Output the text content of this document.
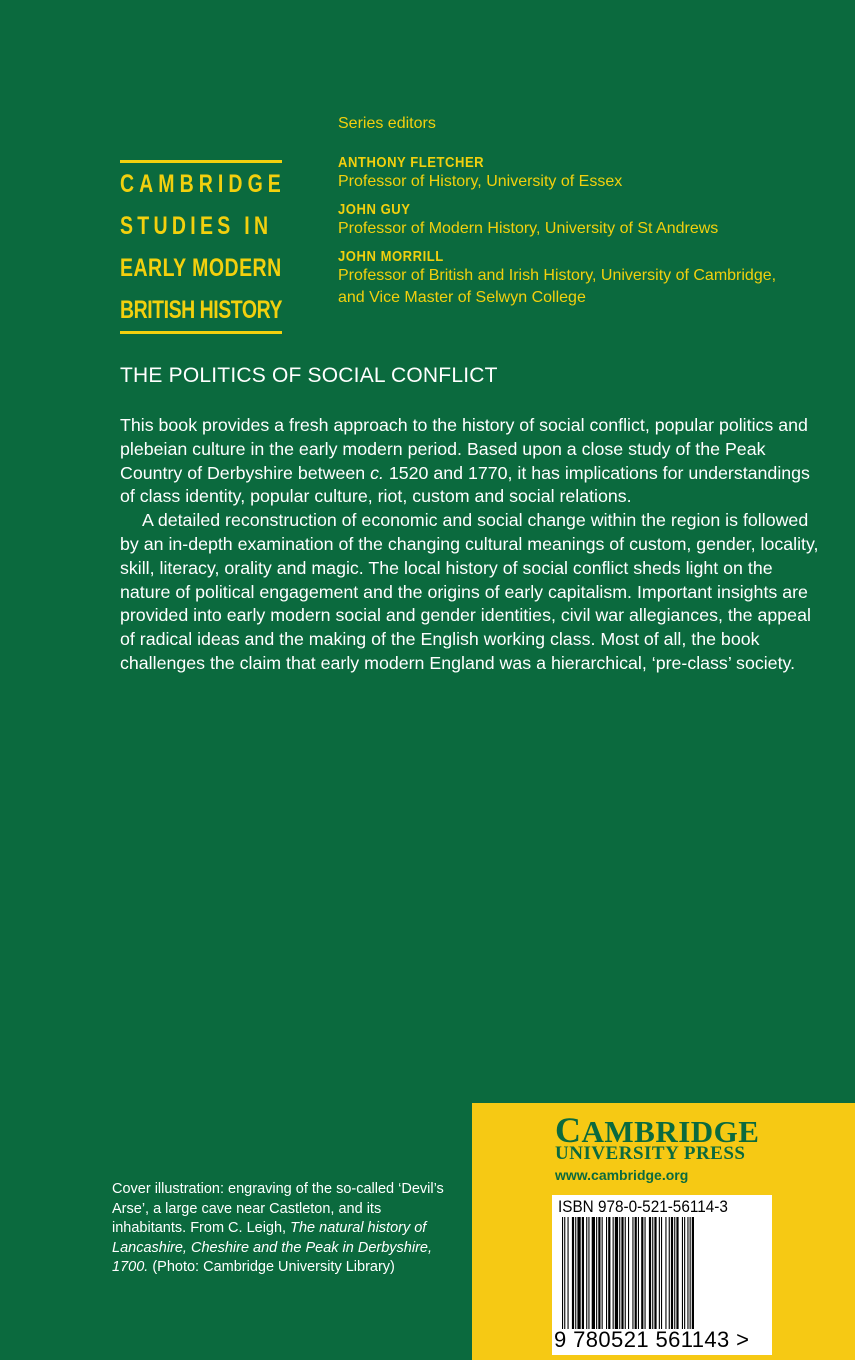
CAMBRIDGE
STUDIES IN
EARLY MODERN
BRITISH HISTORY
Series editors
ANTHONY FLETCHER
Professor of History, University of Essex
JOHN GUY
Professor of Modern History, University of St Andrews
JOHN MORRILL
Professor of British and Irish History, University of Cambridge,
and Vice Master of Selwyn College
THE POLITICS OF SOCIAL CONFLICT

This book provides a fresh approach to the history of social conflict, popular politics and plebeian culture in the early modern period. Based upon a close study of the Peak Country of Derbyshire between c. 1520 and 1770, it has implications for understandings of class identity, popular culture, riot, custom and social relations.

A detailed reconstruction of economic and social change within the region is followed by an in-depth examination of the changing cultural meanings of custom, gender, locality, skill, literacy, orality and magic. The local history of social conflict sheds light on the nature of political engagement and the origins of early capitalism. Important insights are provided into early modern social and gender identities, civil war allegiances, the appeal of radical ideas and the making of the English working class. Most of all, the book challenges the claim that early modern England was a hierarchical, ‘pre-class’ society.

Cover illustration: engraving of the so-called ‘Devil’s Arse’, a large cave near Castleton, and its inhabitants. From C. Leigh, The natural history of Lancashire, Cheshire and the Peak in Derbyshire, 1700. (Photo: Cambridge University Library)
CAMBRIDGE
UNIVERSITY PRESS
www.cambridge.org
ISBN 978-0-521-56114-3
9 780521 561143 >
